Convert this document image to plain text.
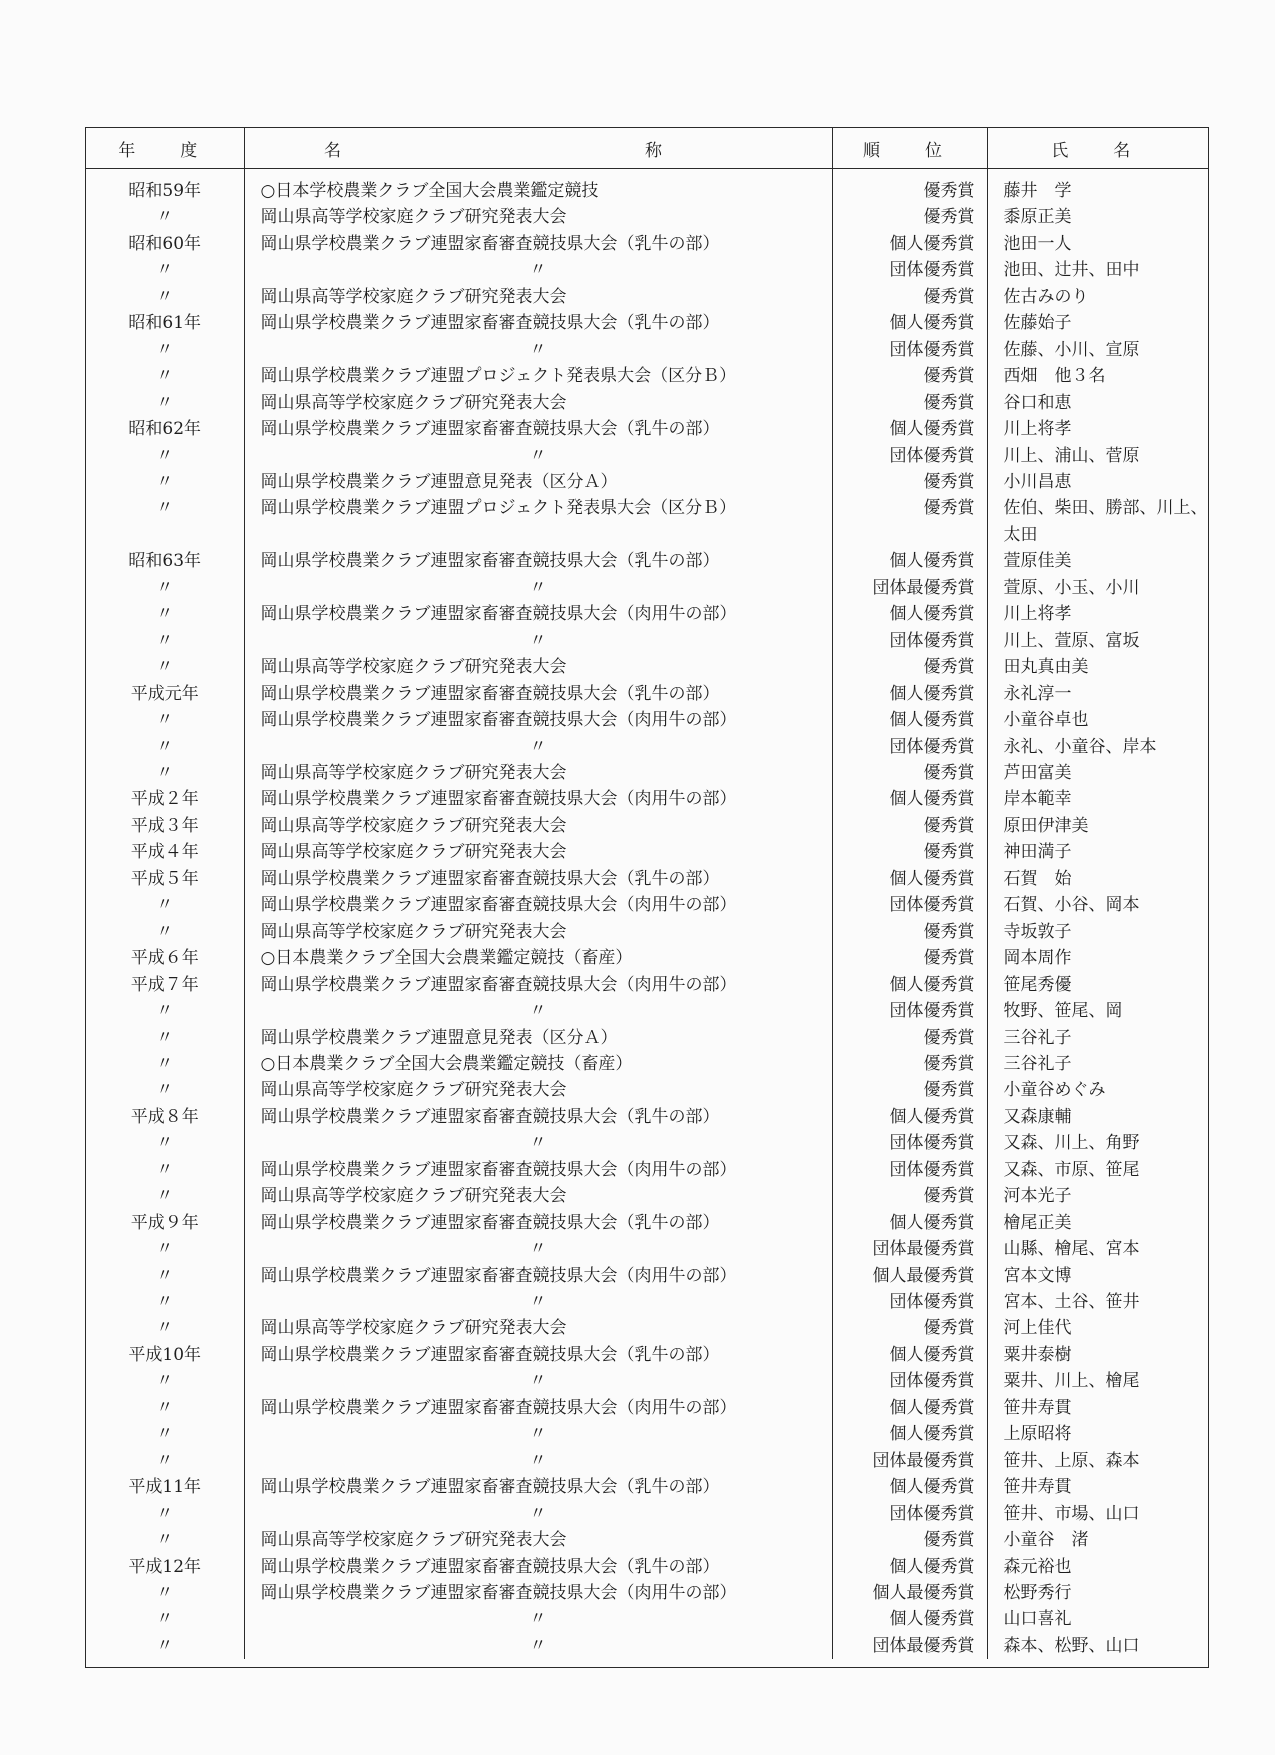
年　度	名　　称	順　位	氏　名
昭和59年	○日本学校農業クラブ全国大会農業鑑定競技	優秀賞	藤井　学
〃	岡山県高等学校家庭クラブ研究発表大会	優秀賞	黍原正美
昭和60年	岡山県学校農業クラブ連盟家畜審査競技県大会（乳牛の部）	個人優秀賞	池田一人
〃	〃	団体優秀賞	池田、辻井、田中
〃	岡山県高等学校家庭クラブ研究発表大会	優秀賞	佐古みのり
昭和61年	岡山県学校農業クラブ連盟家畜審査競技県大会（乳牛の部）	個人優秀賞	佐藤始子
〃	〃	団体優秀賞	佐藤、小川、宣原
〃	岡山県学校農業クラブ連盟プロジェクト発表県大会（区分Ｂ）	優秀賞	西畑　他３名
〃	岡山県高等学校家庭クラブ研究発表大会	優秀賞	谷口和恵
昭和62年	岡山県学校農業クラブ連盟家畜審査競技県大会（乳牛の部）	個人優秀賞	川上将孝
〃	〃	団体優秀賞	川上、浦山、菅原
〃	岡山県学校農業クラブ連盟意見発表（区分Ａ）	優秀賞	小川昌恵
〃	岡山県学校農業クラブ連盟プロジェクト発表県大会（区分Ｂ）	優秀賞	佐伯、柴田、勝部、川上、太田
昭和63年	岡山県学校農業クラブ連盟家畜審査競技県大会（乳牛の部）	個人優秀賞	萱原佳美
〃	〃	団体最優秀賞	萱原、小玉、小川
〃	岡山県学校農業クラブ連盟家畜審査競技県大会（肉用牛の部）	個人優秀賞	川上将孝
〃	〃	団体優秀賞	川上、萱原、富坂
〃	岡山県高等学校家庭クラブ研究発表大会	優秀賞	田丸真由美
平成元年	岡山県学校農業クラブ連盟家畜審査競技県大会（乳牛の部）	個人優秀賞	永礼淳一
〃	岡山県学校農業クラブ連盟家畜審査競技県大会（肉用牛の部）	個人優秀賞	小童谷卓也
〃	〃	団体優秀賞	永礼、小童谷、岸本
〃	岡山県高等学校家庭クラブ研究発表大会	優秀賞	芦田富美
平成２年	岡山県学校農業クラブ連盟家畜審査競技県大会（肉用牛の部）	個人優秀賞	岸本範幸
平成３年	岡山県高等学校家庭クラブ研究発表大会	優秀賞	原田伊津美
平成４年	岡山県高等学校家庭クラブ研究発表大会	優秀賞	神田満子
平成５年	岡山県学校農業クラブ連盟家畜審査競技県大会（乳牛の部）	個人優秀賞	石賀　始
〃	岡山県学校農業クラブ連盟家畜審査競技県大会（肉用牛の部）	団体優秀賞	石賀、小谷、岡本
〃	岡山県高等学校家庭クラブ研究発表大会	優秀賞	寺坂敦子
平成６年	○日本農業クラブ全国大会農業鑑定競技（畜産）	優秀賞	岡本周作
平成７年	岡山県学校農業クラブ連盟家畜審査競技県大会（肉用牛の部）	個人優秀賞	笹尾秀優
〃	〃	団体優秀賞	牧野、笹尾、岡
〃	岡山県学校農業クラブ連盟意見発表（区分Ａ）	優秀賞	三谷礼子
〃	○日本農業クラブ全国大会農業鑑定競技（畜産）	優秀賞	三谷礼子
〃	岡山県高等学校家庭クラブ研究発表大会	優秀賞	小童谷めぐみ
平成８年	岡山県学校農業クラブ連盟家畜審査競技県大会（乳牛の部）	個人優秀賞	又森康輔
〃	〃	団体優秀賞	又森、川上、角野
〃	岡山県学校農業クラブ連盟家畜審査競技県大会（肉用牛の部）	団体優秀賞	又森、市原、笹尾
〃	岡山県高等学校家庭クラブ研究発表大会	優秀賞	河本光子
平成９年	岡山県学校農業クラブ連盟家畜審査競技県大会（乳牛の部）	個人優秀賞	檜尾正美
〃	〃	団体最優秀賞	山縣、檜尾、宮本
〃	岡山県学校農業クラブ連盟家畜審査競技県大会（肉用牛の部）	個人最優秀賞	宮本文博
〃	〃	団体優秀賞	宮本、土谷、笹井
〃	岡山県高等学校家庭クラブ研究発表大会	優秀賞	河上佳代
平成10年	岡山県学校農業クラブ連盟家畜審査競技県大会（乳牛の部）	個人優秀賞	粟井泰樹
〃	〃	団体優秀賞	粟井、川上、檜尾
〃	岡山県学校農業クラブ連盟家畜審査競技県大会（肉用牛の部）	個人優秀賞	笹井寿貫
〃	〃	個人優秀賞	上原昭将
〃	〃	団体最優秀賞	笹井、上原、森本
平成11年	岡山県学校農業クラブ連盟家畜審査競技県大会（乳牛の部）	個人優秀賞	笹井寿貫
〃	〃	団体優秀賞	笹井、市場、山口
〃	岡山県高等学校家庭クラブ研究発表大会	優秀賞	小童谷　渚
平成12年	岡山県学校農業クラブ連盟家畜審査競技県大会（乳牛の部）	個人優秀賞	森元裕也
〃	岡山県学校農業クラブ連盟家畜審査競技県大会（肉用牛の部）	個人最優秀賞	松野秀行
〃	〃	個人優秀賞	山口喜礼
〃	〃	団体最優秀賞	森本、松野、山口
